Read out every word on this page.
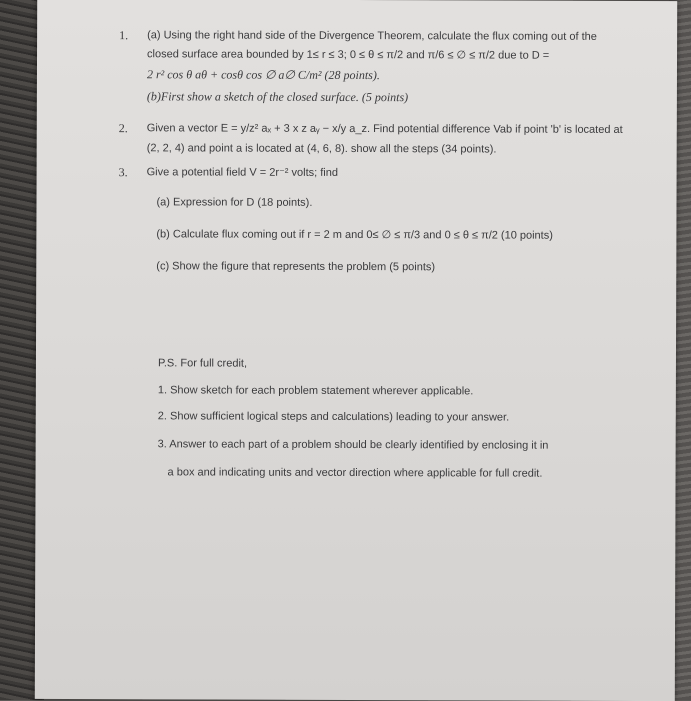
1. (a) Using the right hand side of the Divergence Theorem, calculate the flux coming out of the
closed surface area bounded by 1≤ r ≤ 3; 0 ≤ θ ≤ π/2 and π/6 ≤ ∅ ≤ π/2 due to D =
2 r² cos θ aθ + cosθ cos ∅ a∅ C/m² (28 points).
(b)First show a sketch of the closed surface. (5 points)
2. Given a vector E = y/z² aₓ + 3 x z aᵧ − x/y a_z. Find potential difference Vab if point 'b' is located at
(2, 2, 4) and point a is located at (4, 6, 8). show all the steps (34 points).
3. Give a potential field V = 2r⁻² volts; find
(a) Expression for D (18 points).
(b) Calculate flux coming out if r = 2 m and 0≤ ∅ ≤ π/3 and 0 ≤ θ ≤ π/2 (10 points)
(c) Show the figure that represents the problem (5 points)
P.S. For full credit,
1. Show sketch for each problem statement wherever applicable.
2. Show sufficient logical steps and calculations) leading to your answer.
3. Answer to each part of a problem should be clearly identified by enclosing it in
a box and indicating units and vector direction where applicable for full credit.
